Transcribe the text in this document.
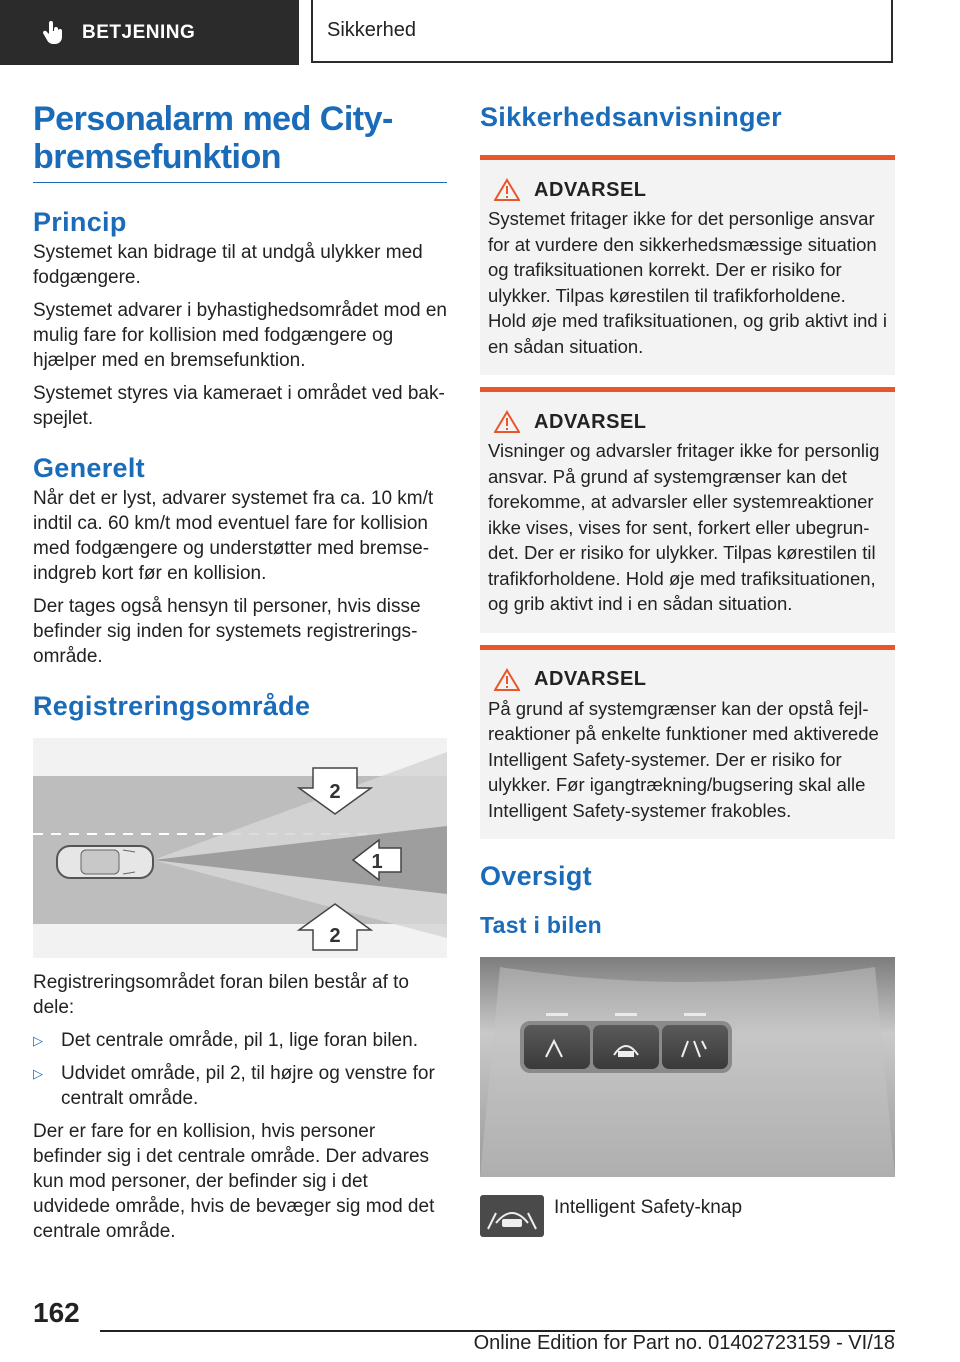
BETJENING	Sikkerhed
Personalarm med City-
bremsefunktion
Princip

Systemet kan bidrage til at undgå ulykker med fodgængere.

Systemet advarer i byhastighedsområdet mod en mulig fare for kollision med fodgængere og hjælper med en bremsefunktion.

Systemet styres via kameraet i området ved bakspejlet.

Generelt

Når det er lyst, advarer systemet fra ca. 10 km/t indtil ca. 60 km/t mod eventuel fare for kollision med fodgængere og understøtter med bremseindgreb kort før en kollision.

Der tages også hensyn til personer, hvis disse befinder sig inden for systemets registreringsområde.

Registreringsområde
2
1
2

Registreringsområdet foran bilen består af to dele:

▷ Det centrale område, pil 1, lige foran bilen.
▷ Udvidet område, pil 2, til højre og venstre for centralt område.

Der er fare for en kollision, hvis personer befinder sig i det centrale område. Der advares kun mod personer, der befinder sig i det udvidede område, hvis de bevæger sig mod det centrale område.

Sikkerhedsanvisninger
ADVARSEL

Systemet fritager ikke for det personlige ansvar for at vurdere den sikkerhedsmæssige situation og trafiksituationen korrekt. Der er risiko for ulykker. Tilpas kørestilen til trafikforholdene. Hold øje med trafiksituationen, og grib aktivt ind i en sådan situation.

ADVARSEL

Visninger og advarsler fritager ikke for personlig ansvar. På grund af systemgrænser kan det forekomme, at advarsler eller systemreaktioner ikke vises, vises for sent, forkert eller ubegrundet. Der er risiko for ulykker. Tilpas kørestilen til trafikforholdene. Hold øje med trafiksituationen, og grib aktivt ind i en sådan situation.

ADVARSEL

På grund af systemgrænser kan der opstå fejlreaktioner på enkelte funktioner med aktiverede Intelligent Safety-systemer. Der er risiko for ulykker. Før igangtrækning/bugsering skal alle Intelligent Safety-systemer frakobles.

Oversigt
Tast i bilen

Intelligent Safety-knap

162
Online Edition for Part no. 01402723159 - VI/18
